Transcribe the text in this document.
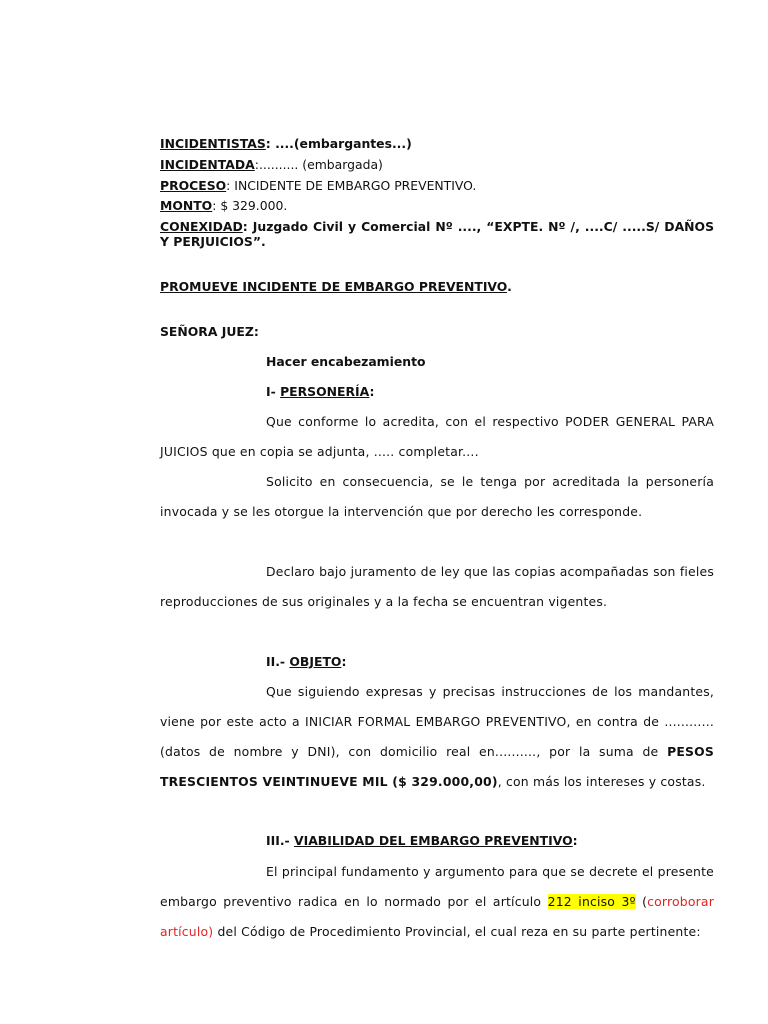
INCIDENTISTAS: ....(embargantes...)
INCIDENTADA:.......... (embargada)
PROCESO: INCIDENTE DE EMBARGO PREVENTIVO.
MONTO: $ 329.000.
CONEXIDAD: Juzgado Civil y Comercial Nº ...., “EXPTE. Nº /, ....C/ .....S/ DAÑOS Y PERJUICIOS”.
PROMUEVE INCIDENTE DE EMBARGO PREVENTIVO.
SEÑORA JUEZ:
Hacer encabezamiento
I- PERSONERÍA:

Que conforme lo acredita, con el respectivo PODER GENERAL PARA JUICIOS que en copia se adjunta, ..... completar....

Solicito en consecuencia, se le tenga por acreditada la personería invocada y se les otorgue la intervención que por derecho les corresponde.

Declaro bajo juramento de ley que las copias acompañadas son fieles reproducciones de sus originales y a la fecha se encuentran vigentes.

II.- OBJETO:

Que siguiendo expresas y precisas instrucciones de los mandantes, viene por este acto a INICIAR FORMAL EMBARGO PREVENTIVO, en contra de ............(datos de nombre y DNI), con domicilio real en.........., por la suma de PESOS TRESCIENTOS VEINTINUEVE MIL ($ 329.000,00), con más los intereses y costas.

III.- VIABILIDAD DEL EMBARGO PREVENTIVO:

El principal fundamento y argumento para que se decrete el presente embargo preventivo radica en lo normado por el artículo 212 inciso 3º (corroborar artículo) del Código de Procedimiento Provincial, el cual reza en su parte pertinente:
